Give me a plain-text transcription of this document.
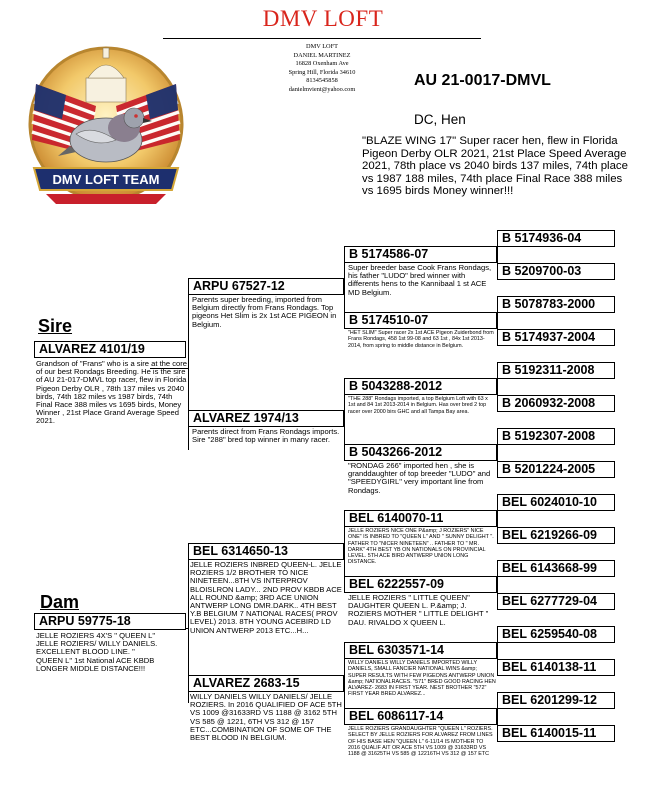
DMV LOFT
DMV LOFT
DANIEL MARTINEZ
16828 Oxenham Ave
Spring Hill, Florida 34610
8134545858
danielmvient@yahoo.com
DMV LOFT TEAM
AU 21-0017-DMVL
DC, Hen
"BLAZE WING 17" Super racer hen, flew in Florida Pigeon Derby OLR 2021, 21st Place Speed Average 2021, 78th place vs 2040 birds 137 miles, 74th place vs 1987 188 miles, 74th place Final Race 388 miles vs 1695 birds Money winner!!!
Sire
ALVAREZ 4101/19
Grandson of "Frans" who is a sire at the core of our best Rondags Breeding. He is the sire of AU 21-017-DMVL top racer, flew in Florida Pigeon Derby OLR , 78th 137 miles vs 2040 birds, 74th 182 miles vs 1987 birds, 74th Final Race 388 miles vs 1695 birds, Money Winner , 21st Place Grand Average Speed 2021.
Dam
ARPU 59775-18
JELLE ROZIERS 4X'S " QUEEN L" JELLE ROZIERS/ WILLY DANIELS. EXCELLENT BLOOD LINE. " QUEEN L" 1st National ACE KBDB LONGER MIDDLE DISTANCE!!!
ARPU 67527-12
Parents super breeding, imported from Belgium directly from Frans Rondags. Top pigeons Het Slim is 2x 1st ACE PIGEON in Belgium.
ALVAREZ 1974/13
Parents direct from Frans Rondags imports. Sire "288" bred top winner in many racer.
BEL 6314650-13
JELLE ROZIERS INBRED QUEEN-L. JELLE ROZIERS 1/2 BROTHER TO NICE NINETEEN...8TH VS INTERPROV BLOISLRON LADY... 2ND PROV KBDB ACE ALL ROUND &amp; 3RD ACE UNION ANTWERP LONG DMR.DARK.. 4TH BEST Y.B BELGIUM 7 NATIONAL RACES( PROV LEVEL) 2013. 8TH YOUNG ACEBIRD LD UNION ANTWERP 2013 ETC...H...
ALVAREZ 2683-15
WILLY DANIELS WILLY DANIELS/ JELLE ROZIERS. In 2016 QUALIFIED OF ACE 5TH VS 1009 @31633RD VS 1188 @ 3162 5TH VS 585 @ 1221, 6TH VS 312 @ 157 ETC...COMBINATION OF SOME OF THE BEST BLOOD IN BELGIUM.
B 5174586-07
Super breeder base Cook Frans Rondags, his father "LUDO" bred winner with differents hens to the Kannibaal 1 st ACE MD Belgium.
B 5174510-07
"HET SLIM" Super racer 2x 1st ACE Pigeon Zuiderbond from Frans Rondags, 458 1st 99-08 and 63 1st , 84x 1st 2013-2014, from spring to middle distance in Belgium.
B 5043288-2012
"THE 288" Rondags imported, a top Belgium Loft with 63 x 1st and 84 1st 2013-2014 in Belgium. Has over bred 2 top racer over 2000 birs GHC and all Tampa Bay area.
B 5043266-2012
"RONDAG 266" imported hen , she is granddaughter of top breeder "LUDO" and "SPEEDYGIRL" very important line from Rondags.
BEL 6140070-11
JELLE ROZIERS NICE ONE P&amp; J ROZIERS" NICE ONE" IS INBRED TO "QUEEN L" AND " SUNNY DELIGHT ". FATHER TO "NICER NINETEEN" .. FATHER TO " MR. DARK" 4TH BEST YB ON NATIONALS ON PROVINCIAL LEVEL. 5TH ACE BIRD ANTWERP UNION LONG DISTANCE.
BEL 6222557-09
JELLE ROZIERS " LITTLE QUEEN" DAUGHTER QUEEN L. P.&amp; J. ROZIERS MOTHER " LITTLE DELIGHT " DAU. RIVALDO X QUEEN L.
BEL 6303571-14
WILLY DANIELS WILLY DANIELS IMPORTED WILLY DANIELS, SMALL FANCIER NATIONAL WINS &amp; SUPER RESULTS WITH FEW PIGEONS ANTWERP UNION &amp; NATIONALRACES. "571" BRED GOOD RACING HEN ALVAREZ- 2683 IN FIRST YEAR. NEST BROTHER "572" FIRST YEAR BRED ALVAREZ...
BEL 6086117-14
JELLE ROZIERS GRANDAUGHTER "QUEEN L" ROZIERS. SELECT BY JELLE ROZIERS FOR ALVAREZ FROM LINES OF HIS BASE HEN "QUEEN L" 6-11/14 IS MOTHER TO 2016 QUALIF AIT OR ACE 5TH VS 1009 @ 31633RD VS 1188 @ 31625TH VS 585 @ 12216TH VS 312 @ 157 ETC
B 5174936-04
B 5209700-03
B 5078783-2000
B 5174937-2004
B 5192311-2008
B 2060932-2008
B 5192307-2008
B 5201224-2005
BEL 6024010-10
BEL 6219266-09
BEL 6143668-99
BEL 6277729-04
BEL 6259540-08
BEL 6140138-11
BEL 6201299-12
BEL 6140015-11
